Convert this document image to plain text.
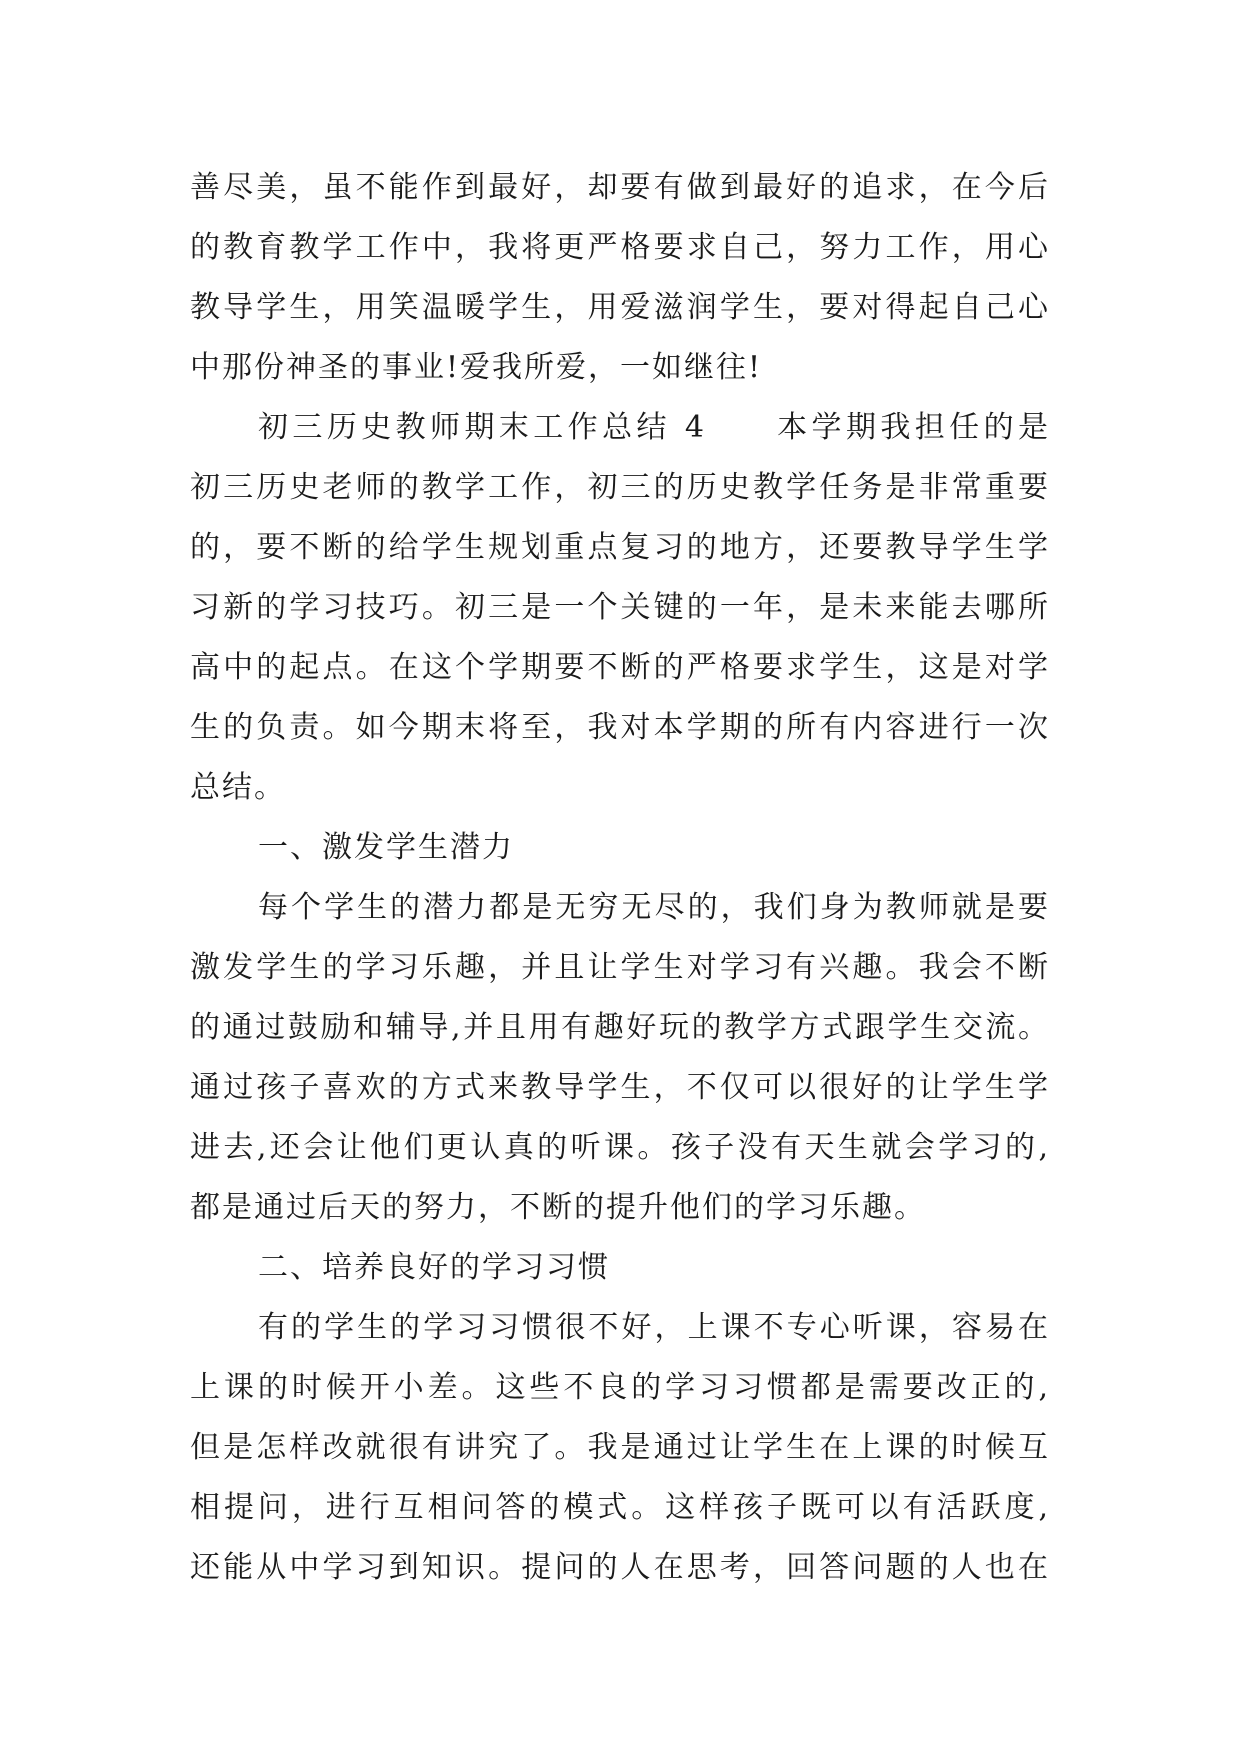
善尽美，虽不能作到最好，却要有做到最好的追求，在今后
的教育教学工作中，我将更严格要求自己，努力工作，用心
教导学生，用笑温暖学生，用爱滋润学生，要对得起自己心
中那份神圣的事业!爱我所爱，一如继往!
初三历史教师期末工作总结 4　　本学期我担任的是
初三历史老师的教学工作，初三的历史教学任务是非常重要
的，要不断的给学生规划重点复习的地方，还要教导学生学
习新的学习技巧。初三是一个关键的一年，是未来能去哪所
高中的起点。在这个学期要不断的严格要求学生，这是对学
生的负责。如今期末将至，我对本学期的所有内容进行一次
总结。
一、激发学生潜力
每个学生的潜力都是无穷无尽的，我们身为教师就是要
激发学生的学习乐趣，并且让学生对学习有兴趣。我会不断
的通过鼓励和辅导,并且用有趣好玩的教学方式跟学生交流。
通过孩子喜欢的方式来教导学生，不仅可以很好的让学生学
进去,还会让他们更认真的听课。孩子没有天生就会学习的,
都是通过后天的努力，不断的提升他们的学习乐趣。
二、培养良好的学习习惯
有的学生的学习习惯很不好，上课不专心听课，容易在
上课的时候开小差。这些不良的学习习惯都是需要改正的,
但是怎样改就很有讲究了。我是通过让学生在上课的时候互
相提问，进行互相问答的模式。这样孩子既可以有活跃度,
还能从中学习到知识。提问的人在思考，回答问题的人也在
